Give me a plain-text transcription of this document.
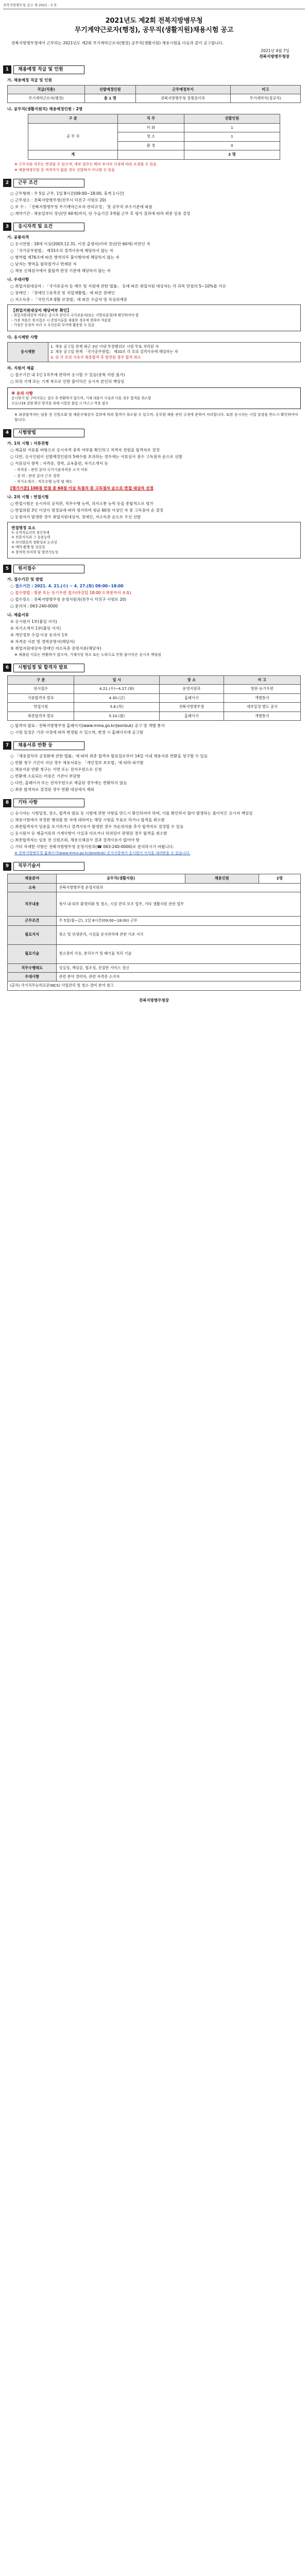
전북지방병무청 공고 제 2021 - 3 호
2021년도 제2회 전북지방병무청
무기계약근로자(행정), 공무직(생활지원)채용시험 공고
전북지방병무청에서 근무하는 2021년도 제2회 무기계약근로자(행정) 공무직(생활지원) 채용시험을 다음과 같이 공고합니다.
2021년 4월 7일
전북지방병무청장
1	채용예정 직급 및 인원
가. 채용예정 직급 및 인원
직급(직종)	선발예정인원	근무예정부서	비고
무기계약근로자(행정)	총 1 명	전북지방병무청 징병검사과	무기계약직(정규직)
나. 공무직(생활지원직) 채용예정인원 : 2명
구 분	직 무	선발인원
공 무 직	미 화	1
	청 소	1
	환 경	0
계		2 명
※ 근무지와 직무는 변경될 수 있으며, 세부 업무는 배치 부서의 사정에 따라 조정될 수 있음
※ 채용예정인원 중 적격자가 없을 경우 선발하지 아니할 수 있음
2	근무 조건
○ 근무형태 : 주 5일 근무, 1일 8시간(09:00~18:00, 휴게 1시간)
○ 근무장소 : 전북지방병무청(전주시 덕진구 사평로 20)
○ 보 수 : 「전북지방병무청 무기계약근로자 관리규정」 및 공무직 보수기준에 따름
○ 계약기간 : 채용일부터 정년(만 60세)까지, 단 수습기간 3개월 근무 후 평가 결과에 따라 최종 임용 결정
3	응시자격 및 요건
가. 공통자격
○ 응시연령 : 18세 이상(2003.12.31. 이전 출생자)이며 정년(만 60세) 미만인 자
○ 「국가공무원법」 제33조의 결격사유에 해당하지 않는 자
○ 병역법 제76조에 따른 병역의무 불이행자에 해당하지 않는 자
○ 남자는 병역을 필하였거나 면제된 자
○ 채용 신체검사에서 불합격 판정 기준에 해당하지 않는 자
나. 우대사항
○ 취업지원대상자 : 「국가유공자 등 예우 및 지원에 관한 법률」 등에 따른 취업지원 대상자는 각 과목 만점의 5~10%를 가산
○ 장애인 : 「장애인고용촉진 및 직업재활법」에 따른 장애인
○ 저소득층 : 「국민기초생활 보장법」에 따른 수급자 및 차상위계층
【취업지원대상자 해당여부 확인】
- 취업지원대상자 여부는 응시자 본인이 국가보훈처(또는 지방보훈청)에 확인하여야 함
- 가점 적용은 원서접수 시 증빙서류를 제출한 경우에 한하여 적용함
- 가점은 동점자 처리 시 우선순위 부여에 활용할 수 있음
다. 응시제한 사항
응시제한	
1. 채용 공고일 현재 최근 3년 이내 부정행위로 시험 무효 처리된 자
2. 채용 공고일 현재 「국가공무원법」 제33조 각 호의 결격사유에 해당하는 자
3. 위 각 호의 사유가 최종합격 후 발견된 경우 합격 취소
라. 지원서 제출
○ 접수기간 내 1인 1직무에 한하여 응시할 수 있음(중복 지원 불가)
○ 허위 기재 또는 기재 착오로 인한 불이익은 응시자 본인의 책임임
※ 유의 사항
응시원서 및 구비서류는 접수 후 반환하지 않으며, 기재 내용이 사실과 다를 경우 합격을 취소함
코로나19 감염 확산 방지를 위해 시험장 출입 시 마스크 착용 필수
※ 최종합격자는 임용 전 신원조회 및 채용신체검사 결과에 따라 합격이 취소될 수 있으며, 공무원 채용 관련 규정에 준하여 처리합니다. 또한 응시자는 시험 일정을 반드시 확인하여야 합니다.
4	시험방법
가. 1차 시험 : 서류전형
○ 제출된 서류를 바탕으로 응시자격 충족 여부를 확인하고 적격자 전원을 합격자로 결정
○ 다만, 응시인원이 선발예정인원의 5배수를 초과하는 경우에는 서류심사 점수 고득점자 순으로 선발
○ 서류심사 항목 : 자격증, 경력, 교육훈련, 자기소개서 등
- 자격증 : 관련 분야 국가기술자격증 소지 여부
- 경 력 : 관련 분야 근무 경력
- 자기소개서 : 직무수행 능력 및 태도
[평가기준] 100점 만점 중 60점 이상 득점자 중 고득점자 순으로 면접 대상자 선정
나. 2차 시험 : 면접시험
○ 면접시험은 응시자의 공직관, 직무수행 능력, 의사소통 능력 등을 종합적으로 평가
○ 면접위원 3인 이상이 평정표에 따라 평가하며 평균 60점 이상인 자 중 고득점자 순 결정
○ 동점자가 발생한 경우 취업지원대상자, 장애인, 저소득층 순으로 우선 선발
면접평정 요소
① 공직자로서의 정신자세
② 전문지식과 그 응용능력
③ 의사발표의 정확성과 논리성
④ 예의·품행 및 성실성
⑤ 창의력·의지력 및 발전가능성
5	원서접수
가. 접수기간 및 방법
○ 접수기간 : 2021. 4. 21.(수) ~ 4. 27.(화) 09:00~18:00
○ 접수방법 : 방문 또는 등기우편 접수(마감일 18:00 도착분까지 유효)
○ 접수장소 : 전북지방병무청 운영지원과(전주시 덕진구 사평로 20)
○ 문의처 : 063-240-0000
나. 제출서류
① 응시원서 1부(붙임 서식)
② 자기소개서 1부(붙임 서식)
③ 개인정보 수집·이용 동의서 1부
④ 자격증 사본 및 경력증명서(해당자)
⑤ 취업지원대상자·장애인·저소득층 증빙서류(해당자)
※ 제출된 서류는 반환하지 않으며, 기재사항 착오 또는 누락으로 인한 불이익은 응시자 책임임
6	시험일정 및 합격자 발표
구 분	일 시	장 소	비 고
원서접수	4.21.(수)~4.27.(화)	운영지원과	방문·등기우편
서류합격자 발표	4.30.(금)	홈페이지	개별통지
면접시험	5.6.(목)	전북지방병무청	세부일정 별도 공지
최종합격자 발표	5.10.(월)	홈페이지	개별통지
○ 합격자 발표 : 전북지방병무청 홈페이지(www.mma.go.kr/jeonbuk) 공고 및 개별 통지
○ 시험 일정은 기관 사정에 따라 변경될 수 있으며, 변경 시 홈페이지에 공고함
7	채용서류 반환 등
○ 「채용절차의 공정화에 관한 법률」에 따라 최종 합격자 발표일로부터 14일 이내 채용서류 반환을 청구할 수 있음
○ 반환 청구 기간이 지난 경우 채용서류는 「개인정보 보호법」에 따라 파기함
○ 채용서류 반환 청구는 서면 또는 전자우편으로 신청
○ 반환에 소요되는 비용은 기관이 부담함
○ 다만, 홈페이지 또는 전자우편으로 제출된 경우에는 반환하지 않음
○ 최종 합격자로 결정된 경우 반환 대상에서 제외
8	기타 사항
○ 응시자는 시험일정, 장소, 합격자 발표 등 시험에 관한 사항을 반드시 확인하여야 하며, 이를 확인하지 않아 발생하는 불이익은 응시자 책임임
○ 채용시험에서 부정한 행위를 한 자에 대하여는 해당 시험을 무효로 하거나 합격을 취소함
○ 최종합격자가 임용을 포기하거나 결격사유가 발생한 경우 차순위자를 추가 합격자로 결정할 수 있음
○ 응시원서 등 제출서류의 기재사항이 사실과 다르거나 허위임이 판명된 경우 합격을 취소함
○ 최종합격자는 임용 전 신원조회, 채용신체검사 결과 결격사유가 없어야 함
○ 기타 자세한 사항은 전북지방병무청 운영지원과(☎ 063-240-0000)로 문의하시기 바랍니다.
※ 전북지방병무청 홈페이지(www.mma.go.kr/jeonbuk) 공지사항에서 응시원서 서식을 내려받을 수 있습니다.
9	직무기술서
채용분야	공무직(생활지원)	채용인원	2명
소속	전북지방병무청 운영지원과		
직무내용	청사 내·외부 환경미화 및 청소, 시설 관리 보조 업무, 기타 생활지원 관련 업무		
근무조건	주 5일(월~금), 1일 8시간(09:00~18:00) 근무		
필요지식	청소 및 위생관리, 시설물 유지관리에 관한 기초 지식		
필요기술	청소장비 사용, 분리수거 및 폐기물 처리 기술		
직무수행태도	성실성, 책임감, 협조성, 친절한 서비스 정신		
우대사항	관련 분야 경력자, 관련 자격증 소지자		
(출처) 국가직무능력표준(NCS) 사업관리 및 청소·경비 분야 참고			
전북지방병무청장
